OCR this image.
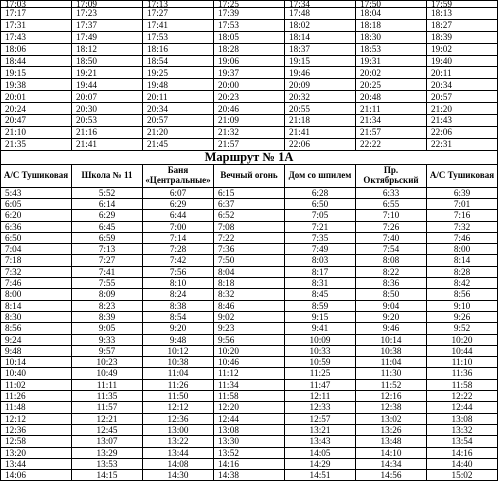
17:03	17:09	17:13	17:25	17:34	17:50	17:59
17:17	17:23	17:27	17:39	17:48	18:04	18:13
17:31	17:37	17:41	17:53	18:02	18:18	18:27
17:43	17:49	17:53	18:05	18:14	18:30	18:39
18:06	18:12	18:16	18:28	18:37	18:53	19:02
18:44	18:50	18:54	19:06	19:15	19:31	19:40
19:15	19:21	19:25	19:37	19:46	20:02	20:11
19:38	19:44	19:48	20:00	20:09	20:25	20:34
20:01	20:07	20:11	20:23	20:32	20:48	20:57
20:24	20:30	20:34	20:46	20:55	21:11	21:20
20:47	20:53	20:57	21:09	21:18	21:34	21:43
21:10	21:16	21:20	21:32	21:41	21:57	22:06
21:35	21:41	21:45	21:57	22:06	22:22	22:31
Маршрут № 1А						
А/С Тушиковая	Школа № 11	Баня «Центральные»	Вечный огонь	Дом со шпилем	Пр. Октябрьский	А/С Тушиковая
5:43	5:52	6:07	6:15	6:28	6:33	6:39
6:05	6:14	6:29	6:37	6:50	6:55	7:01
6:20	6:29	6:44	6:52	7:05	7:10	7:16
6:36	6:45	7:00	7:08	7:21	7:26	7:32
6:50	6:59	7:14	7:22	7:35	7:40	7:46
7:04	7:13	7:28	7:36	7:49	7:54	8:00
7:18	7:27	7:42	7:50	8:03	8:08	8:14
7:32	7:41	7:56	8:04	8:17	8:22	8:28
7:46	7:55	8:10	8:18	8:31	8:36	8:42
8:00	8:09	8:24	8:32	8:45	8:50	8:56
8:14	8:23	8:38	8:46	8:59	9:04	9:10
8:30	8:39	8:54	9:02	9:15	9:20	9:26
8:56	9:05	9:20	9:23	9:41	9:46	9:52
9:24	9:33	9:48	9:56	10:09	10:14	10:20
9:48	9:57	10:12	10:20	10:33	10:38	10:44
10:14	10:23	10:38	10:46	10:59	11:04	11:10
10:40	10:49	11:04	11:12	11:25	11:30	11:36
11:02	11:11	11:26	11:34	11:47	11:52	11:58
11:26	11:35	11:50	11:58	12:11	12:16	12:22
11:48	11:57	12:12	12:20	12:33	12:38	12:44
12:12	12:21	12:36	12:44	12:57	13:02	13:08
12:36	12:45	13:00	13:08	13:21	13:26	13:32
12:58	13:07	13:22	13:30	13:43	13:48	13:54
13:20	13:29	13:44	13:52	14:05	14:10	14:16
13:44	13:53	14:08	14:16	14:29	14:34	14:40
14:06	14:15	14:30	14:38	14:51	14:56	15:02
